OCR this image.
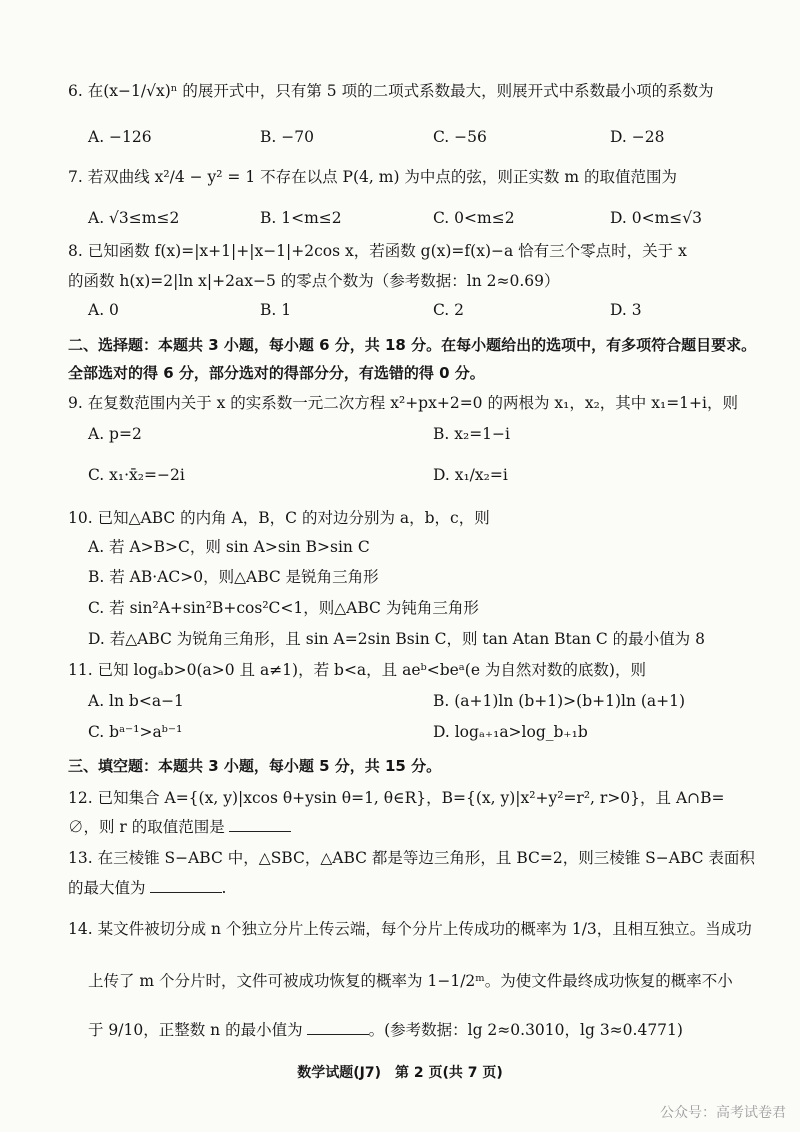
6. 在(x−1/√x)ⁿ 的展开式中，只有第 5 项的二项式系数最大，则展开式中系数最小项的系数为
A. −126	B. −70	C. −56	D. −28
7. 若双曲线 x²/4 − y² = 1 不存在以点 P(4, m) 为中点的弦，则正实数 m 的取值范围为
A. √3≤m≤2	B. 1<m≤2	C. 0<m≤2	D. 0<m≤√3
8. 已知函数 f(x)=|x+1|+|x−1|+2cos x，若函数 g(x)=f(x)−a 恰有三个零点时，关于 x
的函数 h(x)=2|ln x|+2ax−5 的零点个数为（参考数据：ln 2≈0.69）
A. 0	B. 1	C. 2	D. 3
二、选择题：本题共 3 小题，每小题 6 分，共 18 分。在每小题给出的选项中，有多项符合题目要求。
全部选对的得 6 分，部分选对的得部分分，有选错的得 0 分。
9. 在复数范围内关于 x 的实系数一元二次方程 x²+px+2=0 的两根为 x₁，x₂，其中 x₁=1+i，则
A. p=2	B. x₂=1−i
C. x₁·x̄₂=−2i	D. x₁/x₂=i
10. 已知△ABC 的内角 A，B，C 的对边分别为 a，b，c，则
A. 若 A>B>C，则 sin A>sin B>sin C
B. 若 AB·AC>0，则△ABC 是锐角三角形
C. 若 sin²A+sin²B+cos²C<1，则△ABC 为钝角三角形
D. 若△ABC 为锐角三角形，且 sin A=2sin Bsin C，则 tan Atan Btan C 的最小值为 8
11. 已知 logₐb>0(a>0 且 a≠1)，若 b<a，且 aeᵇ<beᵃ(e 为自然对数的底数)，则
A. ln b<a−1	B. (a+1)ln (b+1)>(b+1)ln (a+1)
C. bᵃ⁻¹>aᵇ⁻¹	D. logₐ₊₁a>log_b₊₁b
三、填空题：本题共 3 小题，每小题 5 分，共 15 分。
12. 已知集合 A={(x, y)|xcos θ+ysin θ=1, θ∈R}，B={(x, y)|x²+y²=r², r>0}，且 A∩B=
∅，则 r 的取值范围是
13. 在三棱锥 S−ABC 中，△SBC，△ABC 都是等边三角形，且 BC=2，则三棱锥 S−ABC 表面积
的最大值为	.
14. 某文件被切分成 n 个独立分片上传云端，每个分片上传成功的概率为 1/3，且相互独立。当成功
上传了 m 个分片时，文件可被成功恢复的概率为 1−1/2ᵐ。为使文件最终成功恢复的概率不小
于 9/10，正整数 n 的最小值为	。(参考数据：lg 2≈0.3010，lg 3≈0.4771)
数学试题(J7)　第 2 页(共 7 页)
公众号：高考试卷君
